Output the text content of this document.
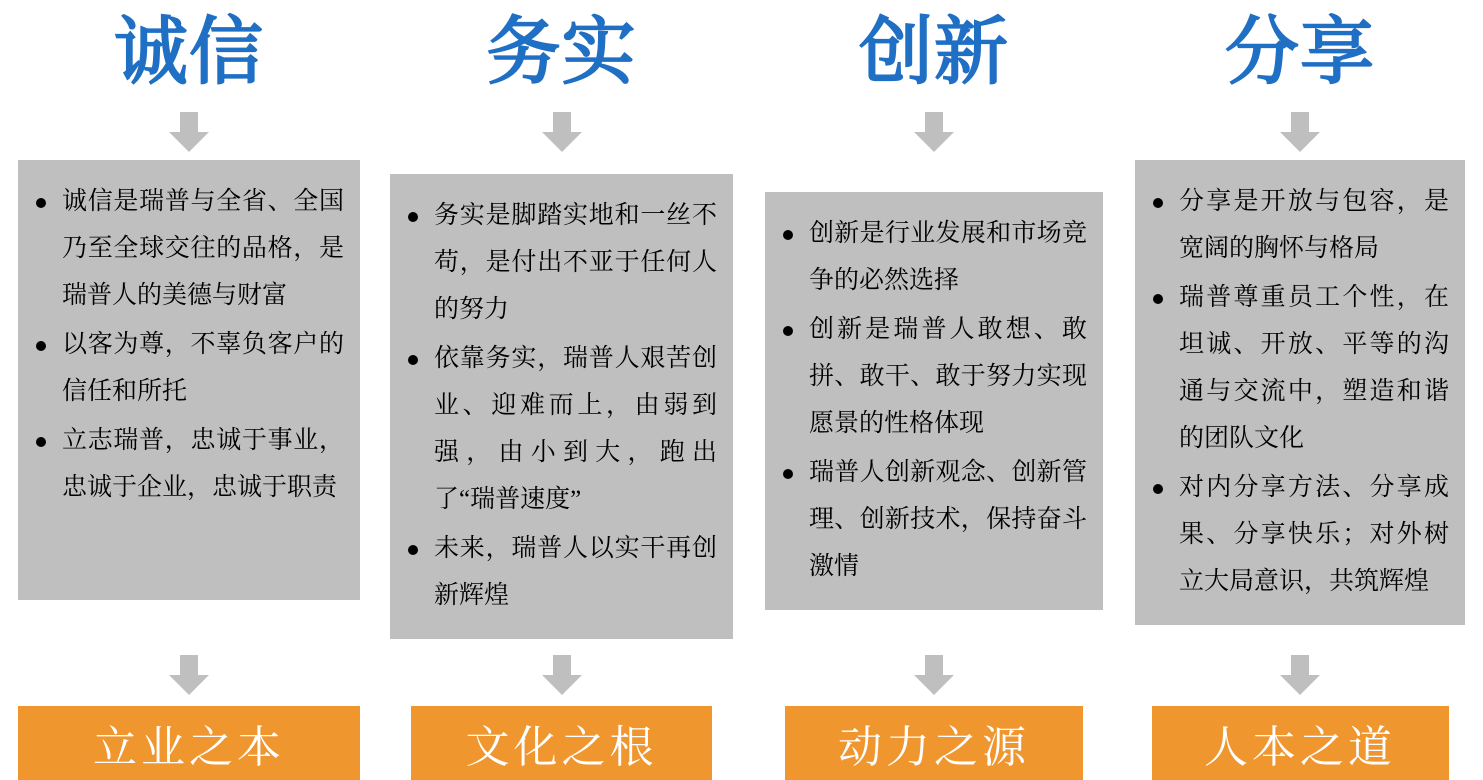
诚信
诚信是瑞普与全省、全国乃至全球交往的品格，是瑞普人的美德与财富
以客为尊，不辜负客户的信任和所托
立志瑞普，忠诚于事业，忠诚于企业，忠诚于职责
立业之本
务实
务实是脚踏实地和一丝不苟，是付出不亚于任何人的努力
依靠务实，瑞普人艰苦创业、迎难而上，由弱到强，由小到大，跑出了“瑞普速度”
未来，瑞普人以实干再创新辉煌
文化之根
创新
创新是行业发展和市场竞争的必然选择
创新是瑞普人敢想、敢拼、敢干、敢于努力实现愿景的性格体现
瑞普人创新观念、创新管理、创新技术，保持奋斗激情
动力之源
分享
分享是开放与包容，是宽阔的胸怀与格局
瑞普尊重员工个性，在坦诚、开放、平等的沟通与交流中，塑造和谐的团队文化
对内分享方法、分享成果、分享快乐；对外树立大局意识，共筑辉煌
人本之道
